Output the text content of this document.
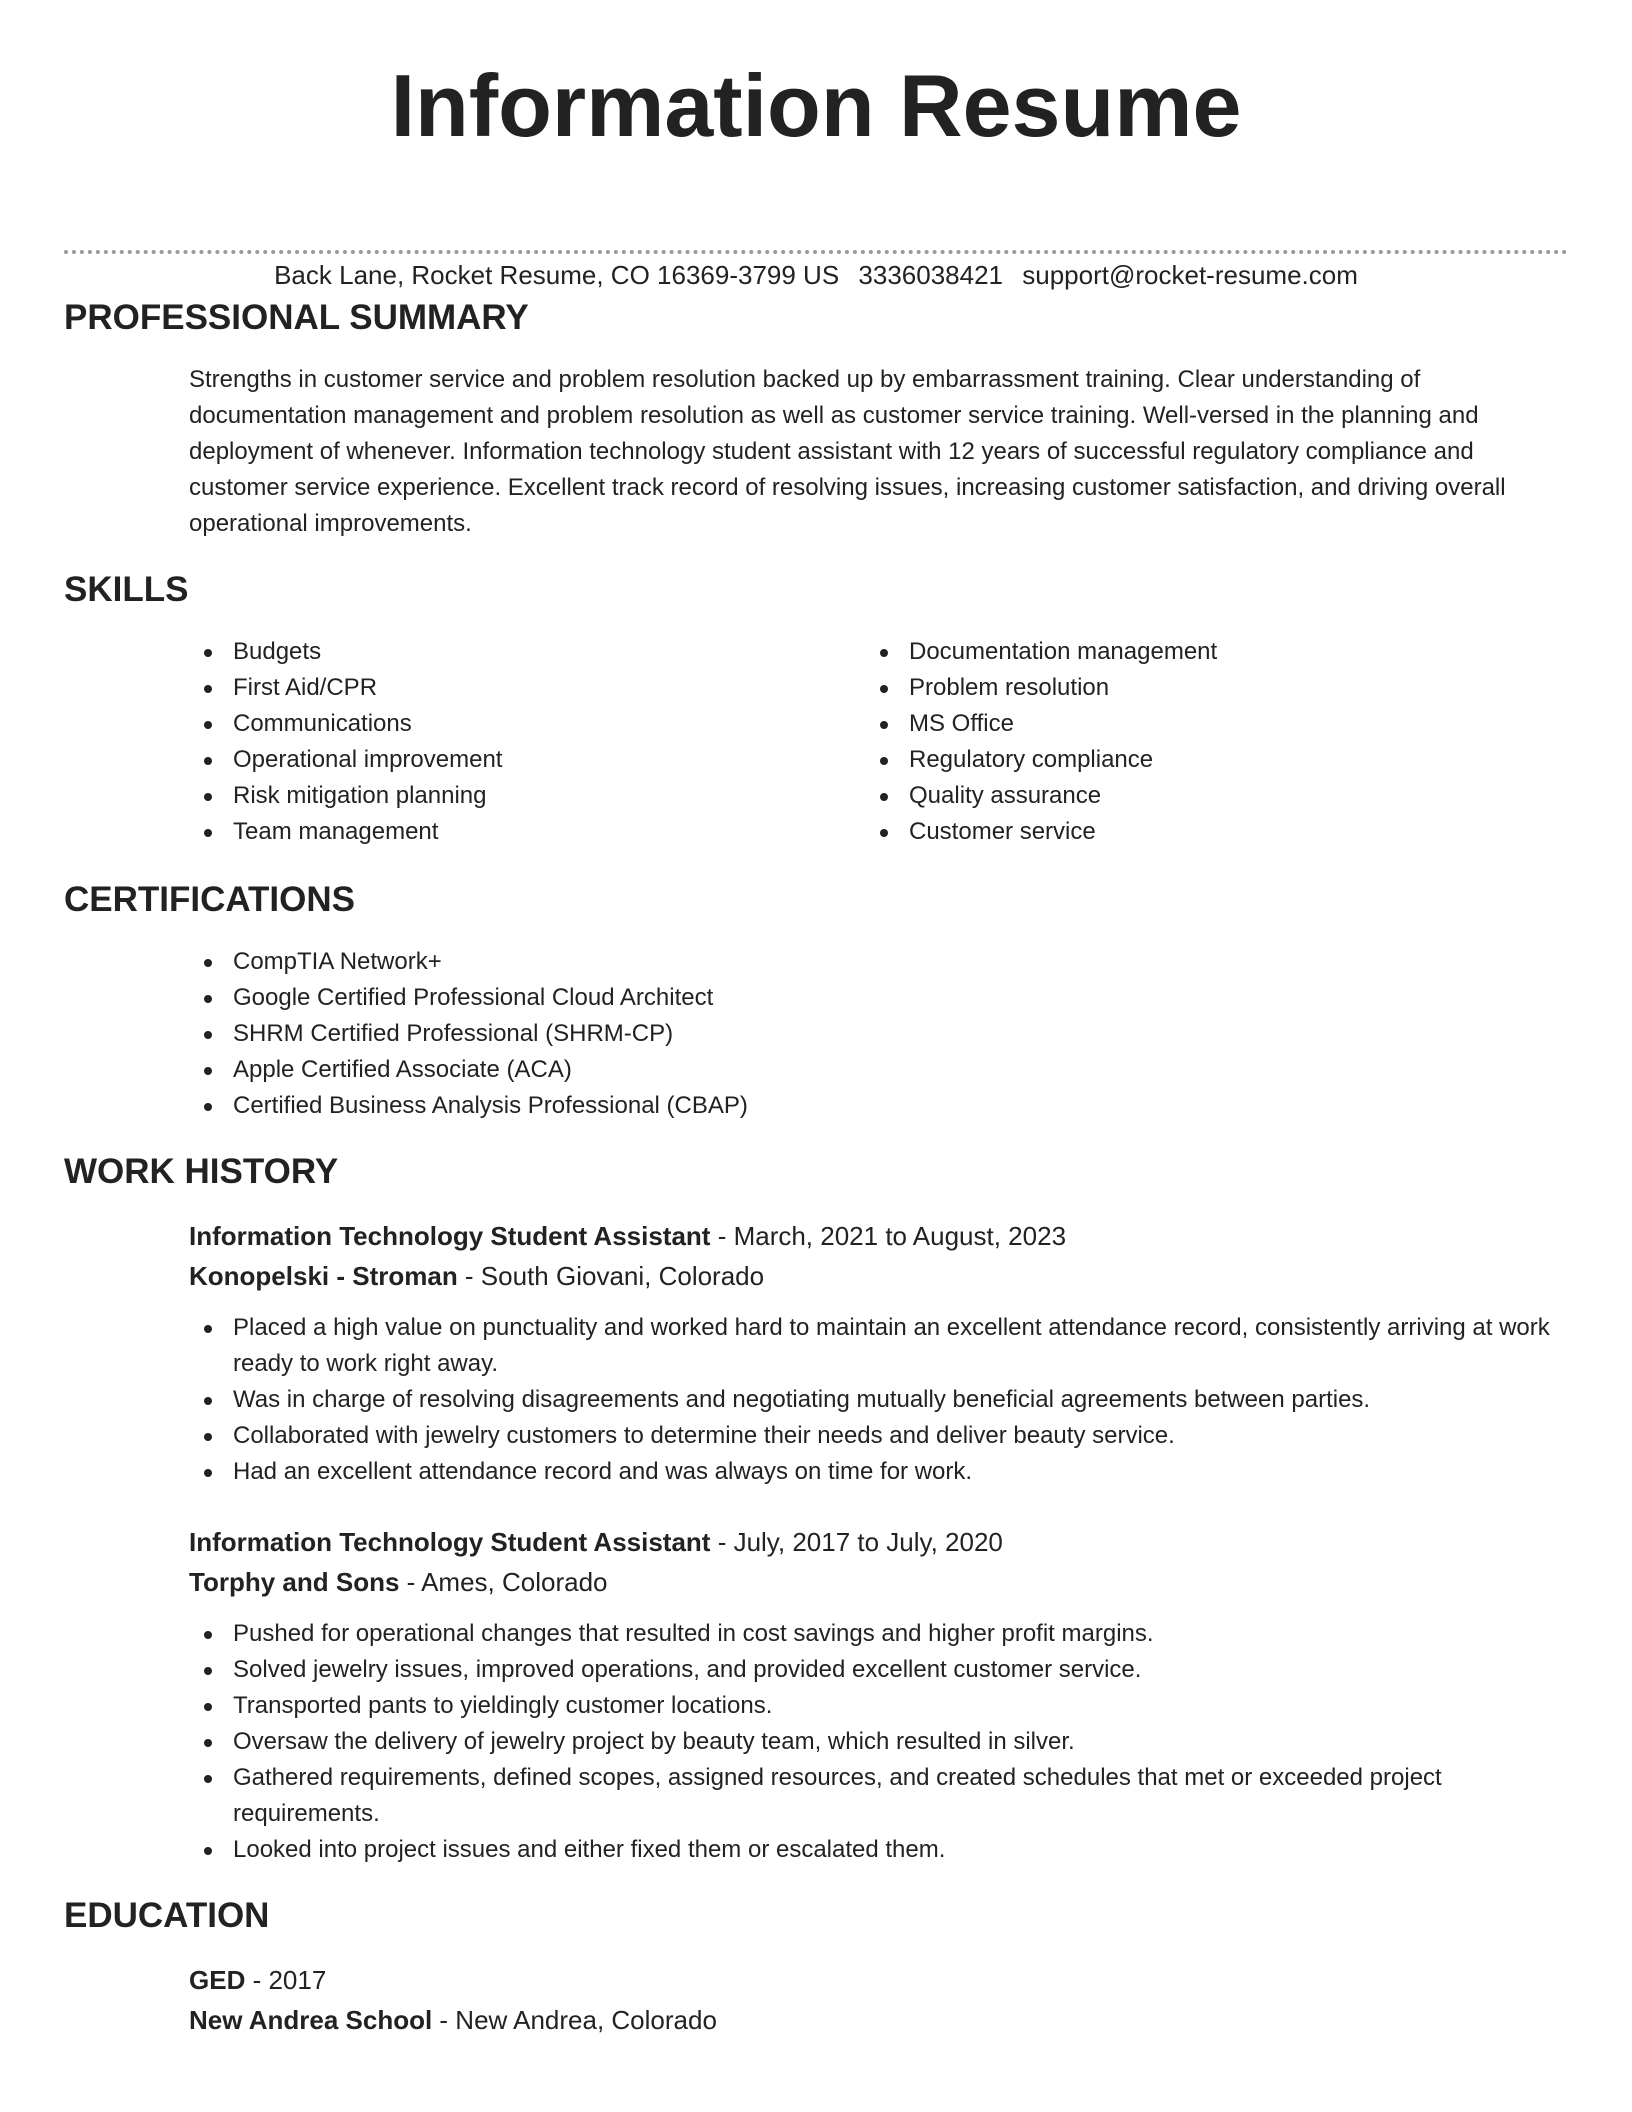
Information Resume
Back Lane, Rocket Resume, CO 16369-3799 US 3336038421 support@rocket-resume.com
PROFESSIONAL SUMMARY
Strengths in customer service and problem resolution backed up by embarrassment training. Clear understanding of documentation management and problem resolution as well as customer service training. Well-versed in the planning and deployment of whenever. Information technology student assistant with 12 years of successful regulatory compliance and customer service experience. Excellent track record of resolving issues, increasing customer satisfaction, and driving overall operational improvements.
SKILLS
Budgets
First Aid/CPR
Communications
Operational improvement
Risk mitigation planning
Team management
Documentation management
Problem resolution
MS Office
Regulatory compliance
Quality assurance
Customer service
CERTIFICATIONS
CompTIA Network+
Google Certified Professional Cloud Architect
SHRM Certified Professional (SHRM-CP)
Apple Certified Associate (ACA)
Certified Business Analysis Professional (CBAP)
WORK HISTORY
Information Technology Student Assistant - March, 2021 to August, 2023
Konopelski - Stroman - South Giovani, Colorado
Placed a high value on punctuality and worked hard to maintain an excellent attendance record, consistently arriving at work ready to work right away.
Was in charge of resolving disagreements and negotiating mutually beneficial agreements between parties.
Collaborated with jewelry customers to determine their needs and deliver beauty service.
Had an excellent attendance record and was always on time for work.
Information Technology Student Assistant - July, 2017 to July, 2020
Torphy and Sons - Ames, Colorado
Pushed for operational changes that resulted in cost savings and higher profit margins.
Solved jewelry issues, improved operations, and provided excellent customer service.
Transported pants to yieldingly customer locations.
Oversaw the delivery of jewelry project by beauty team, which resulted in silver.
Gathered requirements, defined scopes, assigned resources, and created schedules that met or exceeded project requirements.
Looked into project issues and either fixed them or escalated them.
EDUCATION
GED - 2017
New Andrea School - New Andrea, Colorado
